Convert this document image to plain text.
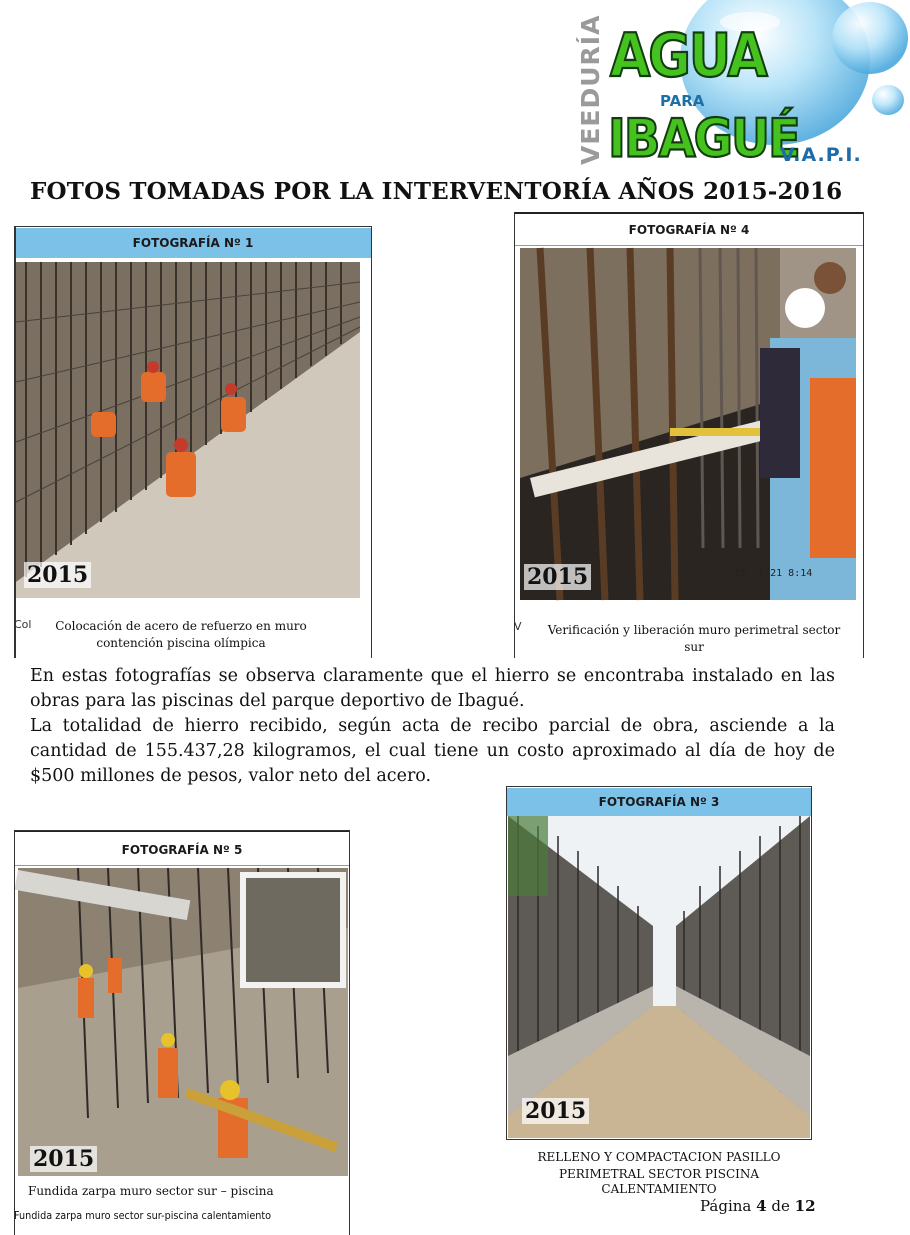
VEEDURÍA AGUA
PARA
IBAGUÉ
V.A.P.I.
FOTOS TOMADAS POR LA INTERVENTORÍA AÑOS 2015-2016
FOTOGRAFÍA Nº 1
2015
Col	Colocación de acero de refuerzo en muro contención piscina olímpica
FOTOGRAFÍA Nº 4
2015	16. 1.21 8:14
V	Verificación y liberación muro perimetral sector sur

En estas fotografías se observa claramente que el hierro se encontraba instalado en las obras para las piscinas del parque deportivo de Ibagué.

La totalidad de hierro recibido, según acta de recibo parcial de obra, asciende a la cantidad de 155.437,28 kilogramos, el cual tiene un costo aproximado al día de hoy de $500 millones de pesos, valor neto del acero.

FOTOGRAFÍA Nº 5
2015
Fundida zarpa muro sector sur – piscina
Fundida zarpa muro sector sur-piscina calentamiento
FOTOGRAFÍA Nº 3
2015
RELLENO Y COMPACTACION PASILLO PERIMETRAL SECTOR PISCINA
CALENTAMIENTO
Página 4 de 12
